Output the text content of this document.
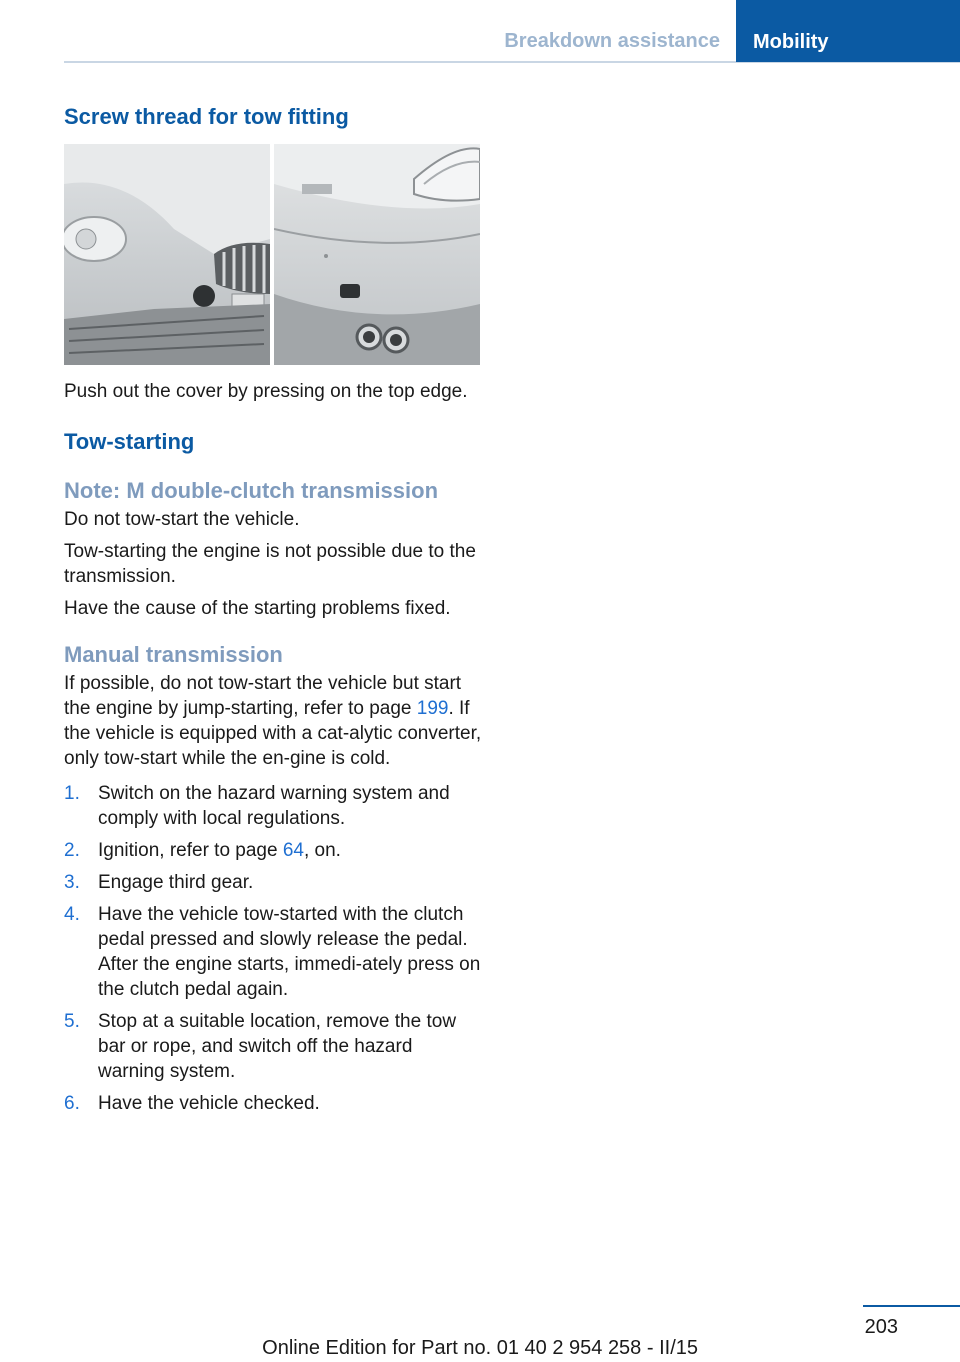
Breakdown assistance	Mobility
Screw thread for tow fitting

Push out the cover by pressing on the top edge.

Tow-starting
Note: M double-clutch transmission

Do not tow-start the vehicle.

Tow-starting the engine is not possible due to the transmission.

Have the cause of the starting problems fixed.

Manual transmission

If possible, do not tow-start the vehicle but start the engine by jump-starting, refer to page 199. If the vehicle is equipped with a cat-alytic converter, only tow-start while the en-gine is cold.

1. Switch on the hazard warning system and comply with local regulations.
2. Ignition, refer to page 64, on.
3. Engage third gear.
4. Have the vehicle tow-started with the clutch pedal pressed and slowly release the pedal. After the engine starts, immedi-ately press on the clutch pedal again.
5. Stop at a suitable location, remove the tow bar or rope, and switch off the hazard warning system.
6. Have the vehicle checked.
203
Online Edition for Part no. 01 40 2 954 258 - II/15
